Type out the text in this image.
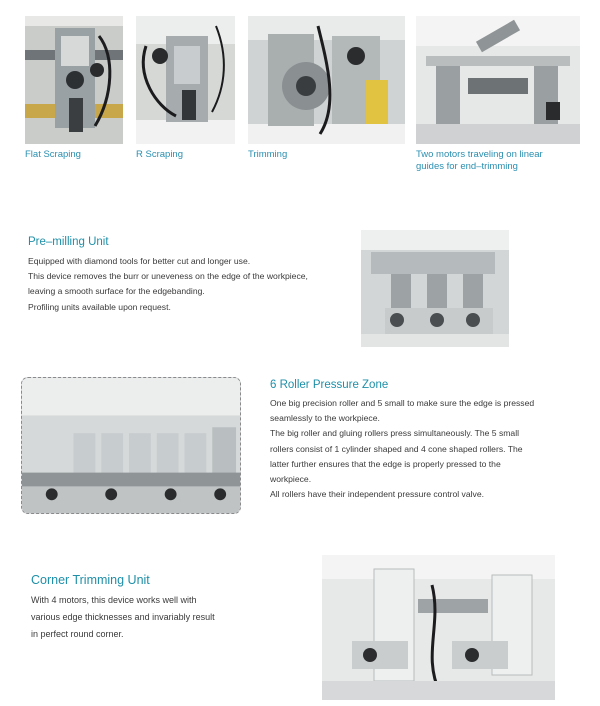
Flat Scraping	R Scraping	Trimming	Two motors traveling on linear
guides for end–trimming
Pre–milling Unit

Equipped with diamond tools for better cut and longer use.
This device removes the burr or uneveness on the edge of the workpiece,
leaving a smooth surface for the edgebanding.
Profiling units available upon request.

6 Roller Pressure Zone

One big precision roller and 5 small to make sure the edge is pressed
seamlessly to the workpiece.
The big roller and gluing rollers press simultaneously. The 5 small
rollers consist of 1 cylinder shaped and 4 cone shaped rollers. The
latter further ensures that the edge is properly pressed to the
workpiece.
All rollers have their independent pressure control valve.

Corner Trimming Unit

With 4 motors, this device works well with
various edge thicknesses and invariably result
in perfect round corner.
